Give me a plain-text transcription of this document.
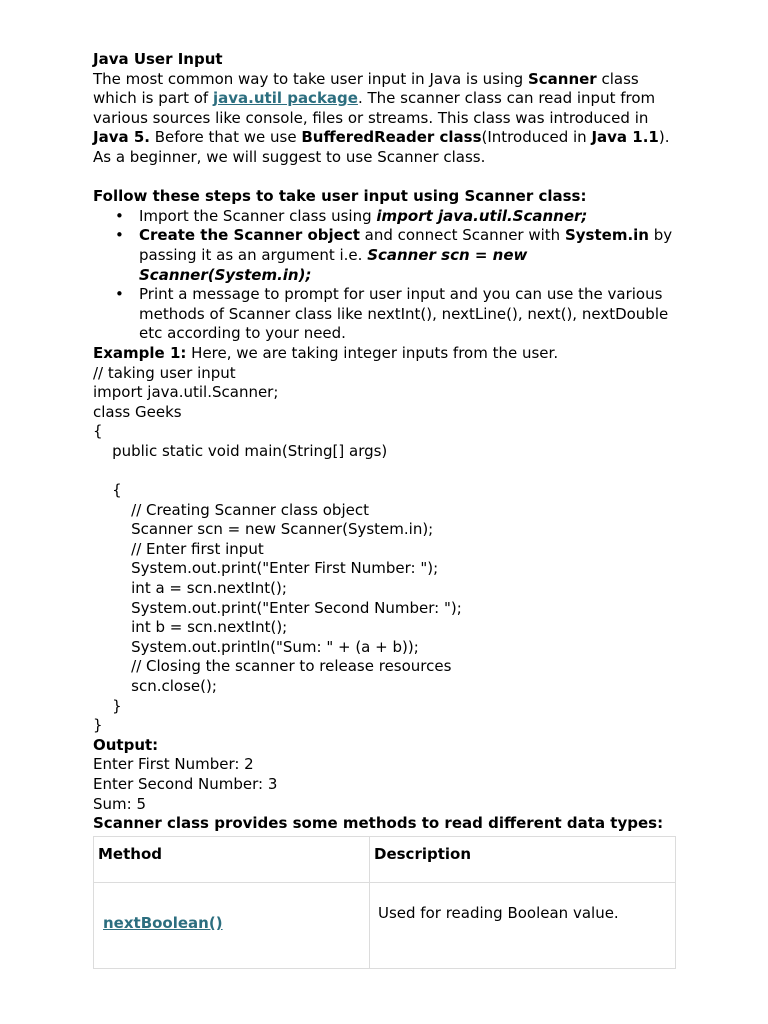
Java User Input

The most common way to take user input in Java is using Scanner class which is part of java.util package. The scanner class can read input from various sources like console, files or streams. This class was introduced in Java 5. Before that we use BufferedReader class(Introduced in Java 1.1). As a beginner, we will suggest to use Scanner class.

Follow these steps to take user input using Scanner class:

• Import the Scanner class using import java.util.Scanner;
• Create the Scanner object and connect Scanner with System.in by passing it as an argument i.e. Scanner scn = new Scanner(System.in);
• Print a message to prompt for user input and you can use the various methods of Scanner class like nextInt(), nextLine(), next(), nextDouble etc according to your need.

Example 1: Here, we are taking integer inputs from the user.

// taking user input
import java.util.Scanner;
class Geeks
{
public static void main(String[] args)
{
// Creating Scanner class object
Scanner scn = new Scanner(System.in);
// Enter first input
System.out.print("Enter First Number: ");
int a = scn.nextInt();
System.out.print("Enter Second Number: ");
int b = scn.nextInt();
System.out.println("Sum: " + (a + b));
// Closing the scanner to release resources
scn.close();
}
}

Output:

Enter First Number: 2
Enter Second Number: 3
Sum: 5

Scanner class provides some methods to read different data types:

Method	Description

nextBoolean()	Used for reading Boolean value.
